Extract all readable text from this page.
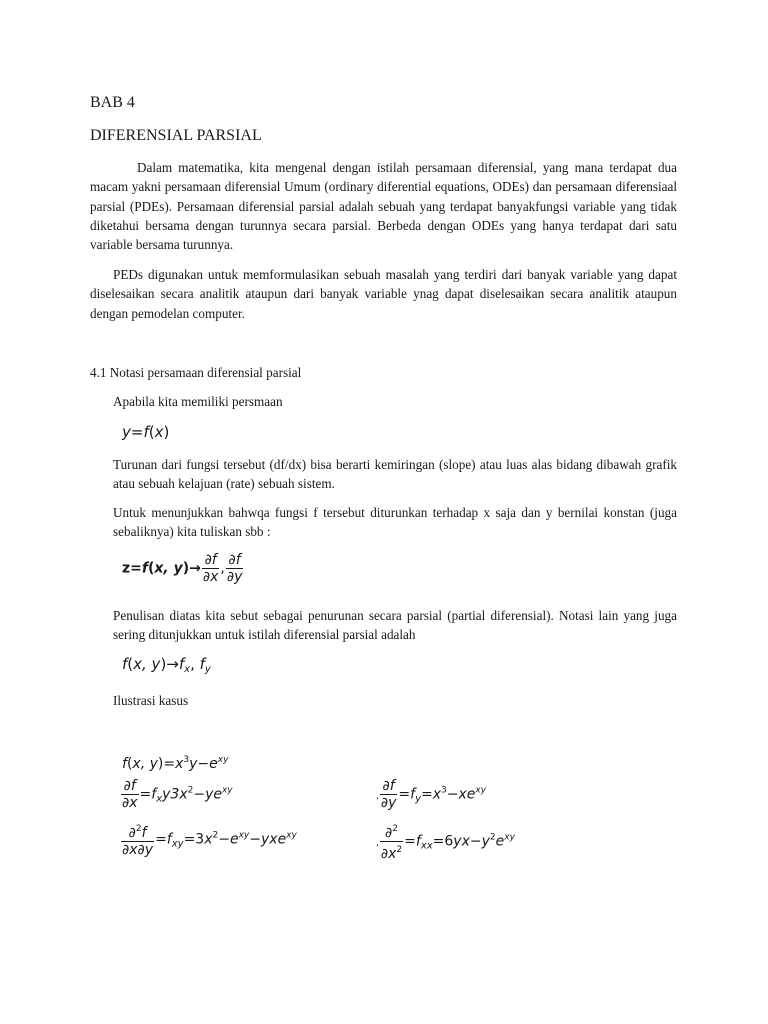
BAB 4
DIFERENSIAL PARSIAL
Dalam matematika, kita mengenal dengan istilah persamaan diferensial, yang mana terdapat dua macam yakni persamaan diferensial Umum (ordinary diferential equations, ODEs) dan persamaan diferensiaal parsial (PDEs). Persamaan diferensial parsial adalah sebuah yang terdapat banyakfungsi variable yang tidak diketahui bersama dengan turunnya secara parsial. Berbeda dengan ODEs yang hanya terdapat dari satu variable bersama turunnya.
PEDs digunakan untuk memformulasikan sebuah masalah yang terdiri dari banyak variable yang dapat diselesaikan secara analitik ataupun dari banyak variable ynag dapat diselesaikan secara analitik ataupun dengan pemodelan computer.
4.1 Notasi persamaan diferensial parsial
Apabila kita memiliki persmaan
y=f(x)
Turunan dari fungsi tersebut (df/dx) bisa berarti kemiringan (slope) atau luas alas bidang dibawah grafik atau sebuah kelajuan (rate) sebuah sistem.
Untuk menunjukkan bahwqa fungsi f tersebut diturunkan terhadap x saja dan y bernilai konstan (juga sebaliknya) kita tuliskan sbb :
z=f(x, $y)\to \frac{\partial f}{\partial x}$ , $\frac{\partial f}{\partial y}$
Penulisan diatas kita sebut sebagai penurunan secara parsial (partial diferensial). Notasi lain yang juga sering ditunjukkan untuk istilah diferensial parsial adalah
f(x, $y)\to f_x$, $f_y$
Ilustrasi kasus
f(x, $y)=x^3y-e^{xy}$
$\frac{\partial f}{\partial x} =f_xy3x^2-ye^{xy}$
, $\frac{\partial f}{\partial y} =f_y=x^3-xe^{xy}$
$\frac{\partial^2f}{\partial x\partial y} =f_{xy}=3x^2-e^{xy}-yxe^{xy}$
, $\frac{\partial^2}{\partial x^2} =f_{xx}=6yx-y^2e^{xy}$
